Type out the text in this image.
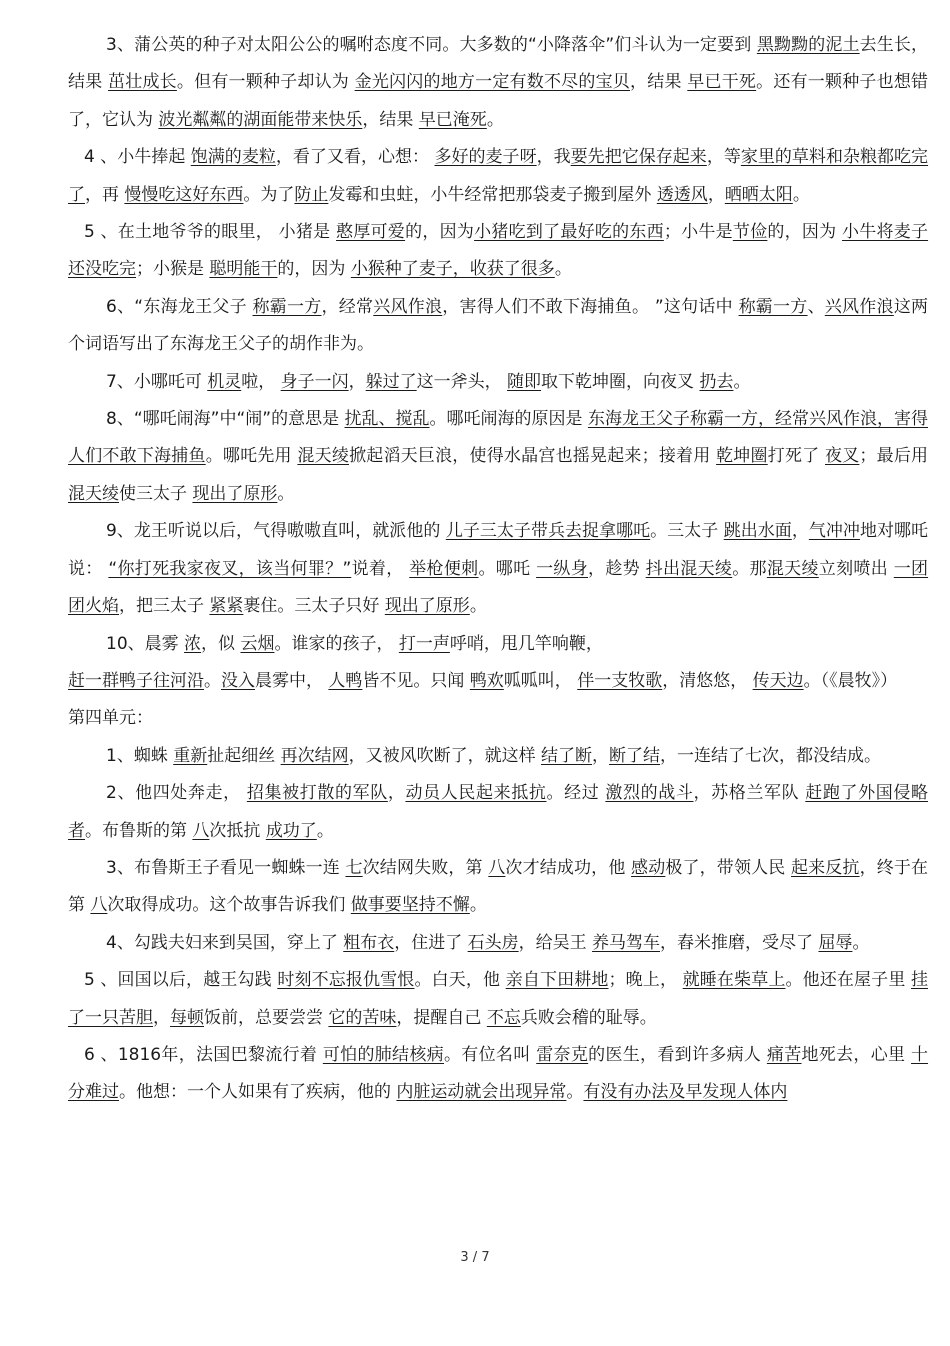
3、蒲公英的种子对太阳公公的嘱咐态度不同。大多数的“小降落伞”们斗认为一定要到 黑黝黝的泥土去生长，结果 茁壮成长。但有一颗种子却认为 金光闪闪的地方一定有数不尽的宝贝，结果 早已干死。还有一颗种子也想错了，它认为 波光粼粼的湖面能带来快乐，结果 早已淹死。

4 、小牛捧起 饱满的麦粒，看了又看，心想： 多好的麦子呀，我要先把它保存起来，等家里的草料和杂粮都吃完了，再 慢慢吃这好东西。为了防止发霉和虫蛀，小牛经常把那袋麦子搬到屋外 透透风，晒晒太阳。

5 、在土地爷爷的眼里， 小猪是 憨厚可爱的，因为小猪吃到了最好吃的东西；小牛是节俭的，因为 小牛将麦子还没吃完；小猴是 聪明能干的，因为 小猴种了麦子，收获了很多。

6、“东海龙王父子 称霸一方，经常兴风作浪，害得人们不敢下海捕鱼。 ”这句话中 称霸一方、兴风作浪这两个词语写出了东海龙王父子的胡作非为。

7、小哪吒可 机灵啦， 身子一闪，躲过了这一斧头， 随即取下乾坤圈，向夜叉 扔去。

8、“哪吒闹海”中“闹”的意思是 扰乱、搅乱。哪吒闹海的原因是 东海龙王父子称霸一方，经常兴风作浪，害得人们不敢下海捕鱼。哪吒先用 混天绫掀起滔天巨浪，使得水晶宫也摇晃起来；接着用 乾坤圈打死了 夜叉；最后用 混天绫使三太子 现出了原形。

9、龙王听说以后，气得嗷嗷直叫，就派他的 儿子三太子带兵去捉拿哪吒。三太子 跳出水面，气冲冲地对哪吒说： “你打死我家夜叉，该当何罪？”说着， 举枪便刺。哪吒 一纵身，趁势 抖出混天绫。那混天绫立刻喷出 一团团火焰，把三太子 紧紧裹住。三太子只好 现出了原形。

10、晨雾 浓，似 云烟。谁家的孩子， 打一声呼哨，甩几竿响鞭，

赶一群鸭子往河沿。没入晨雾中， 人鸭皆不见。只闻 鸭欢呱呱叫， 伴一支牧歌，清悠悠， 传天边。（《晨牧》）

第四单元：

1、蜘蛛 重新扯起细丝 再次结网，又被风吹断了，就这样 结了断，断了结，一连结了七次，都没结成。

2、他四处奔走， 招集被打散的军队，动员人民起来抵抗。经过 激烈的战斗，苏格兰军队 赶跑了外国侵略者。布鲁斯的第 八次抵抗 成功了。

3、布鲁斯王子看见一蜘蛛一连 七次结网失败，第 八次才结成功，他 感动极了，带领人民 起来反抗，终于在第 八次取得成功。这个故事告诉我们 做事要坚持不懈。

4、勾践夫妇来到吴国，穿上了 粗布衣，住进了 石头房，给吴王 养马驾车，舂米推磨，受尽了 屈辱。

5 、回国以后，越王勾践 时刻不忘报仇雪恨。白天，他 亲自下田耕地；晚上， 就睡在柴草上。他还在屋子里 挂了一只苦胆，每顿饭前，总要尝尝 它的苦味，提醒自己 不忘兵败会稽的耻辱。

6 、1816年，法国巴黎流行着 可怕的肺结核病。有位名叫 雷奈克的医生，看到许多病人 痛苦地死去，心里 十分难过。他想：一个人如果有了疾病，他的 内脏运动就会出现异常。有没有办法及早发现人体内

3 / 7
